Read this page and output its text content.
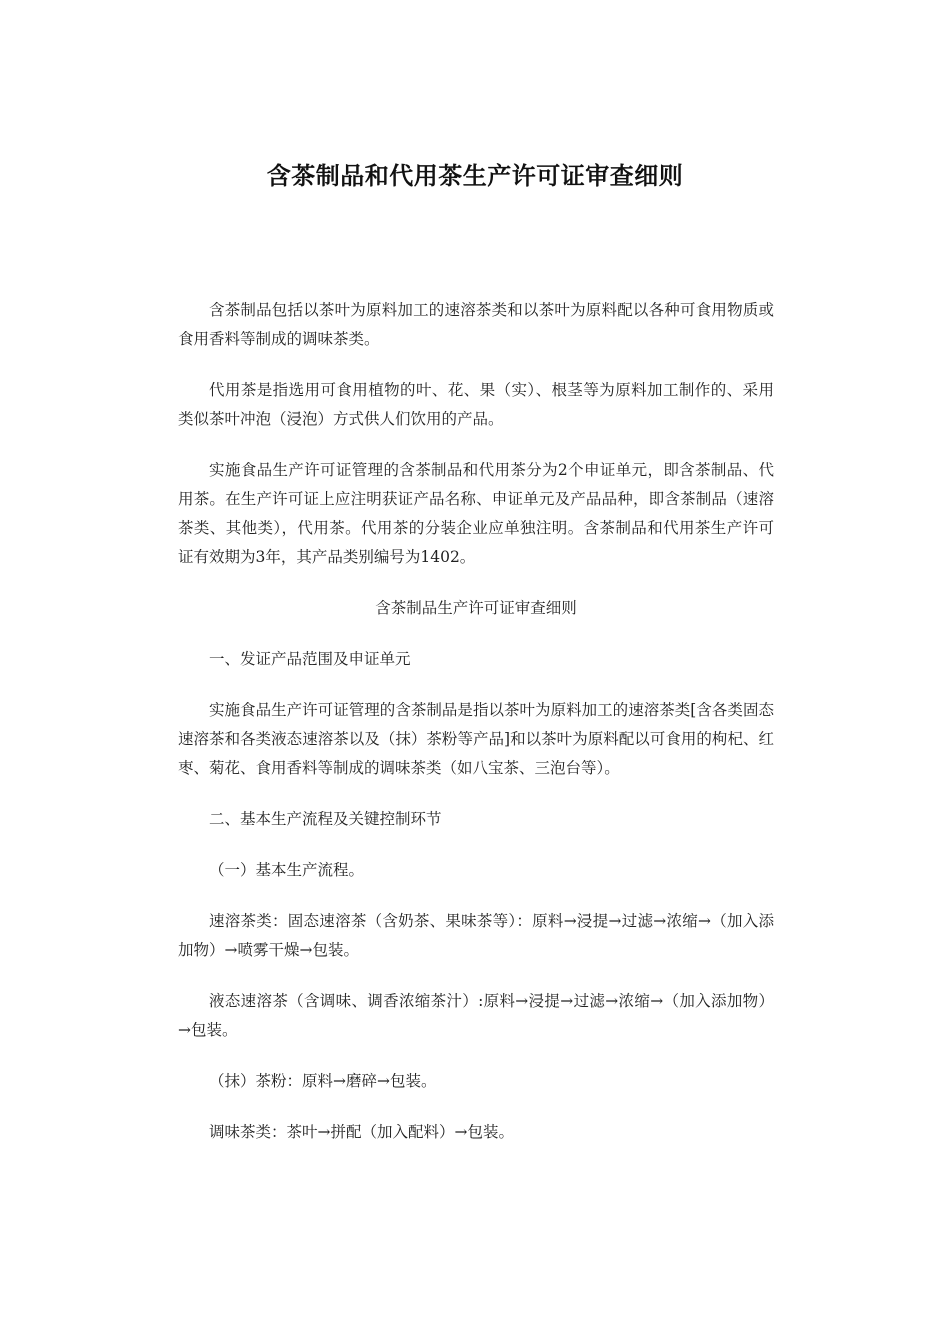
含茶制品和代用茶生产许可证审查细则

含茶制品包括以茶叶为原料加工的速溶茶类和以茶叶为原料配以各种可食用物质或食用香料等制成的调味茶类。

代用茶是指选用可食用植物的叶、花、果（实）、根茎等为原料加工制作的、采用类似茶叶冲泡（浸泡）方式供人们饮用的产品。

实施食品生产许可证管理的含茶制品和代用茶分为2个申证单元，即含茶制品、代用茶。在生产许可证上应注明获证产品名称、申证单元及产品品种，即含茶制品（速溶茶类、其他类），代用茶。代用茶的分装企业应单独注明。含茶制品和代用茶生产许可证有效期为3年，其产品类别编号为1402。

含茶制品生产许可证审查细则

一、发证产品范围及申证单元

实施食品生产许可证管理的含茶制品是指以茶叶为原料加工的速溶茶类[含各类固态速溶茶和各类液态速溶茶以及（抹）茶粉等产品]和以茶叶为原料配以可食用的枸杞、红枣、菊花、食用香料等制成的调味茶类（如八宝茶、三泡台等）。

二、基本生产流程及关键控制环节

（一）基本生产流程。

速溶茶类：固态速溶茶（含奶茶、果味茶等）：原料→浸提→过滤→浓缩→（加入添加物）→喷雾干燥→包装。

液态速溶茶（含调味、调香浓缩茶汁）:原料→浸提→过滤→浓缩→（加入添加物）→包装。

（抹）茶粉：原料→磨碎→包装。

调味茶类：茶叶→拼配（加入配料）→包装。
